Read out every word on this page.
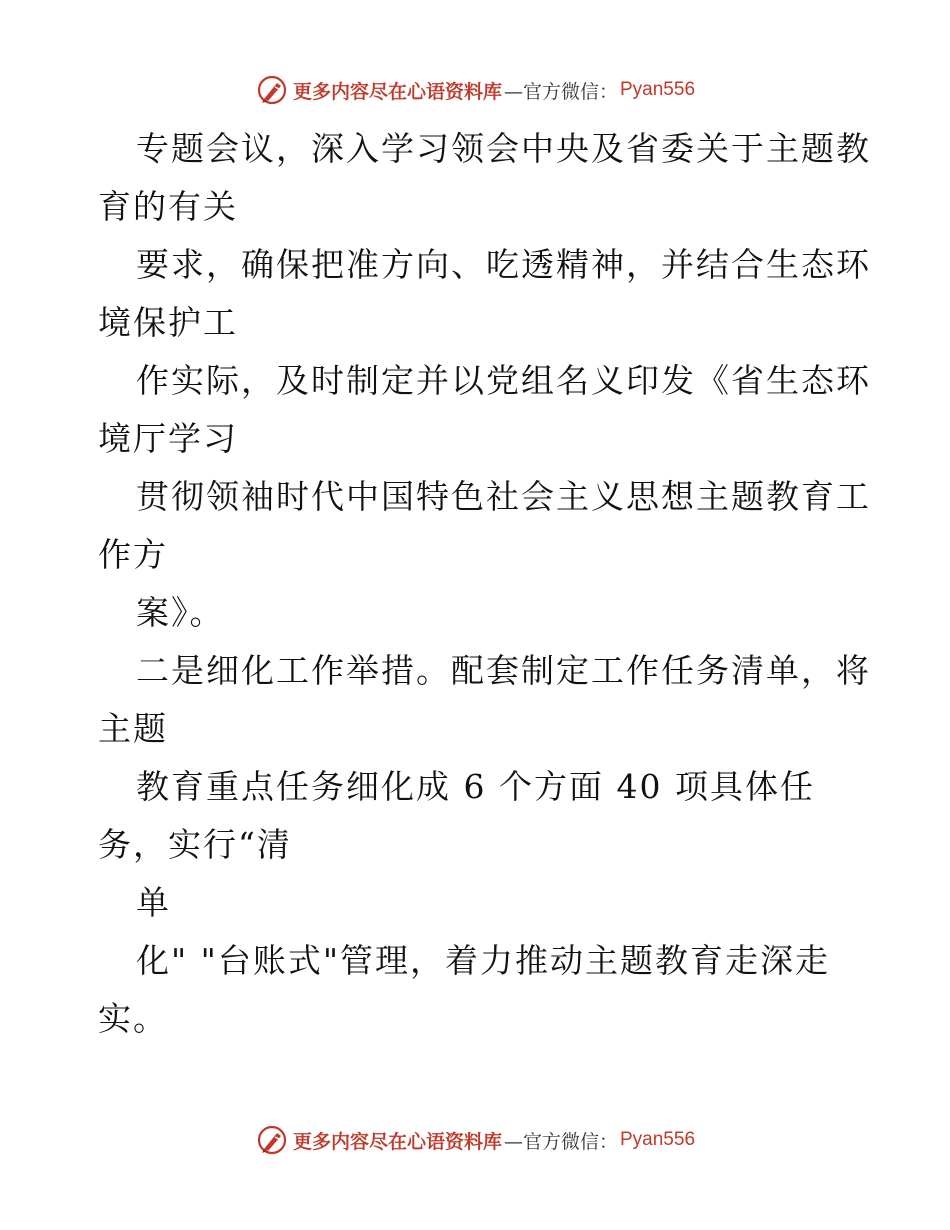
更多内容尽在心语资料库 —官方微信： Pyan556
专题会议，深入学习领会中央及省委关于主题教
育的有关
要求，确保把准方向、吃透精神，并结合生态环
境保护工
作实际，及时制定并以党组名义印发《省生态环
境厅学习
贯彻领袖时代中国特色社会主义思想主题教育工
作方
案》。
二是细化工作举措。配套制定工作任务清单，将
主题
教育重点任务细化成 6 个方面 40 项具体任
务，实行“清
单
化" "台账式"管理，着力推动主题教育走深走
实。
更多内容尽在心语资料库 —官方微信： Pyan556
